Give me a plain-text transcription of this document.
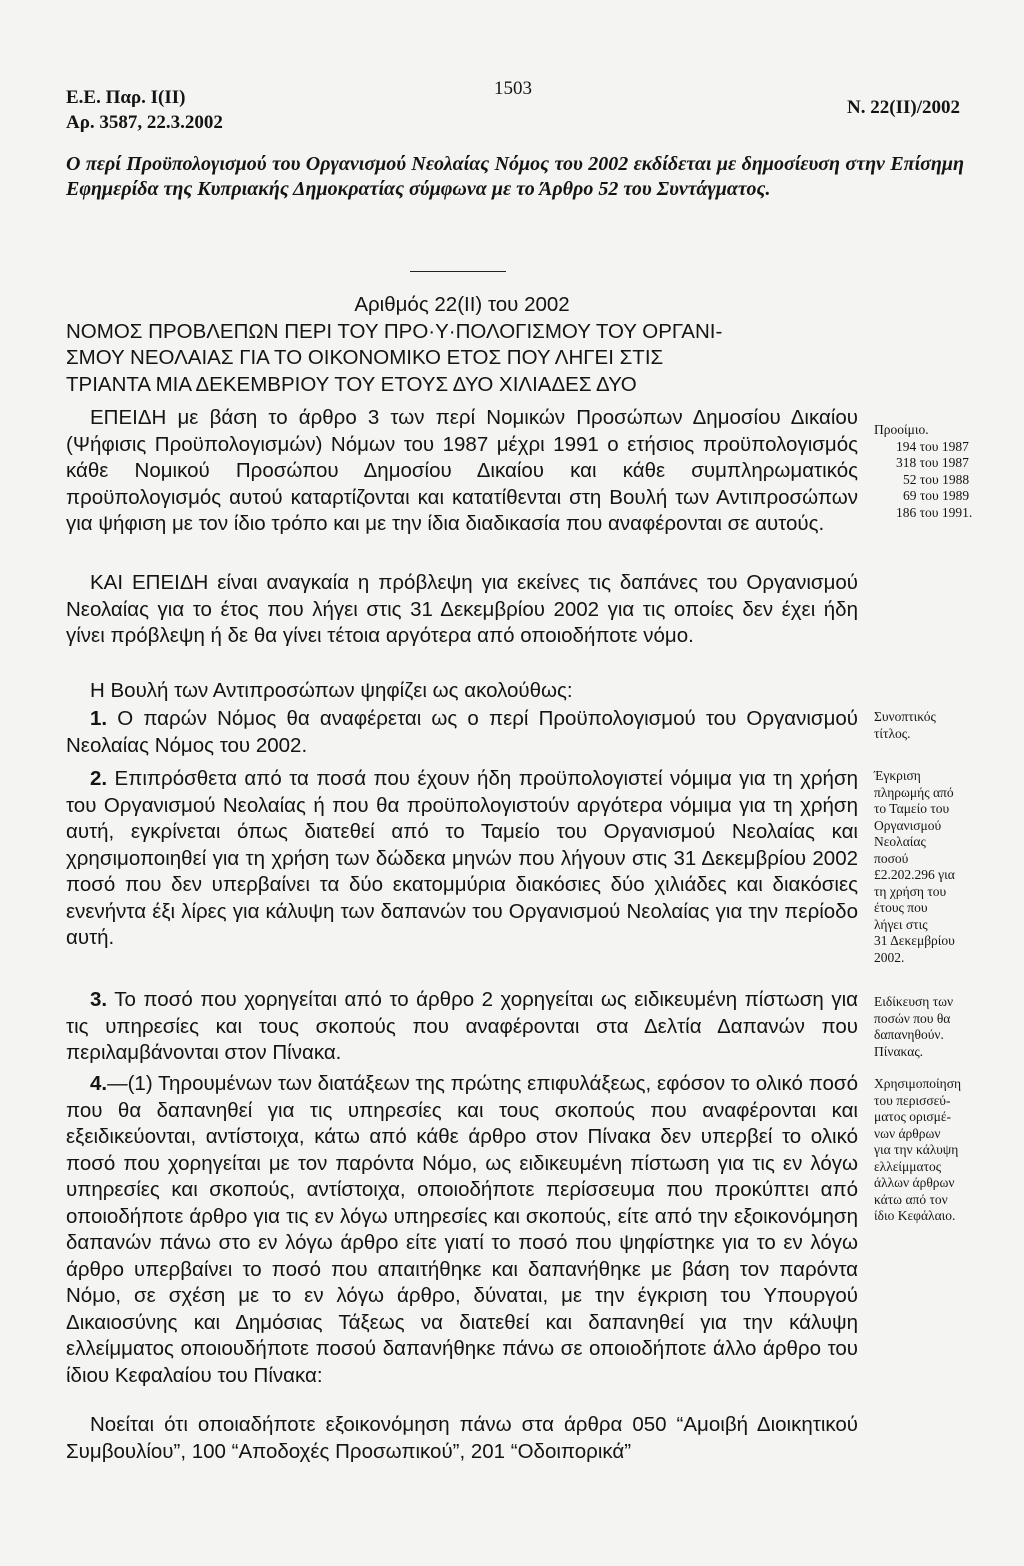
Ε.Ε. Παρ. Ι(ΙΙ)
Αρ. 3587, 22.3.2002
1503
Ν. 22(ΙΙ)/2002
Ο περί Προϋπολογισμού του Οργανισμού Νεολαίας Νόμος του 2002 εκδίδεται με δημοσίευση στην Επίσημη Εφημερίδα της Κυπριακής Δημοκρατίας σύμφωνα με το Άρθρο 52 του Συντάγματος.
Αριθμός 22(ΙΙ) του 2002
ΝΟΜΟΣ ΠΡΟΒΛΕΠΩΝ ΠΕΡΙ ΤΟΥ ΠΡΟ·Υ·ΠΟΛΟΓΙΣΜΟΥ ΤΟΥ ΟΡΓΑΝΙ-
ΣΜΟΥ ΝΕΟΛΑΙΑΣ ΓΙΑ ΤΟ ΟΙΚΟΝΟΜΙΚΟ ΕΤΟΣ ΠΟΥ ΛΗΓΕΙ ΣΤΙΣ
ΤΡΙΑΝΤΑ ΜΙΑ ΔΕΚΕΜΒΡΙΟΥ ΤΟΥ ΕΤΟΥΣ ΔΥΟ ΧΙΛΙΑΔΕΣ ΔΥΟ

ΕΠΕΙΔΗ με βάση το άρθρο 3 των περί Νομικών Προσώπων Δημοσίου Δικαίου (Ψήφισις Προϋπολογισμών) Νόμων του 1987 μέχρι 1991 ο ετήσιος προϋπολογισμός κάθε Νομικού Προσώπου Δημοσίου Δικαίου και κάθε συμπληρωματικός προϋπολογισμός αυτού καταρτίζονται και κατατίθενται στη Βουλή των Αντιπροσώπων για ψήφιση με τον ίδιο τρόπο και με την ίδια διαδικασία που αναφέρονται σε αυτούς.

ΚΑΙ ΕΠΕΙΔΗ είναι αναγκαία η πρόβλεψη για εκείνες τις δαπάνες του Οργανισμού Νεολαίας για το έτος που λήγει στις 31 Δεκεμβρίου 2002 για τις οποίες δεν έχει ήδη γίνει πρόβλεψη ή δε θα γίνει τέτοια αργότερα από οποιοδήποτε νόμο.

Η Βουλή των Αντιπροσώπων ψηφίζει ως ακολούθως:

1. Ο παρών Νόμος θα αναφέρεται ως ο περί Προϋπολογισμού του Οργανισμού Νεολαίας Νόμος του 2002.

2. Επιπρόσθετα από τα ποσά που έχουν ήδη προϋπολογιστεί νόμιμα για τη χρήση του Οργανισμού Νεολαίας ή που θα προϋπολογιστούν αργότερα νόμιμα για τη χρήση αυτή, εγκρίνεται όπως διατεθεί από το Ταμείο του Οργανισμού Νεολαίας και χρησιμοποιηθεί για τη χρήση των δώδεκα μηνών που λήγουν στις 31 Δεκεμβρίου 2002 ποσό που δεν υπερβαίνει τα δύο εκατομμύρια διακόσιες δύο χιλιάδες και διακόσιες ενενήντα έξι λίρες για κάλυψη των δαπανών του Οργανισμού Νεολαίας για την περίοδο αυτή.

3. Το ποσό που χορηγείται από το άρθρο 2 χορηγείται ως ειδικευμένη πίστωση για τις υπηρεσίες και τους σκοπούς που αναφέρονται στα Δελτία Δαπανών που περιλαμβάνονται στον Πίνακα.

4.—(1) Τηρουμένων των διατάξεων της πρώτης επιφυλάξεως, εφόσον το ολικό ποσό που θα δαπανηθεί για τις υπηρεσίες και τους σκοπούς που αναφέρονται και εξειδικεύονται, αντίστοιχα, κάτω από κάθε άρθρο στον Πίνακα δεν υπερβεί το ολικό ποσό που χορηγείται με τον παρόντα Νόμο, ως ειδικευμένη πίστωση για τις εν λόγω υπηρεσίες και σκοπούς, αντίστοιχα, οποιοδήποτε περίσσευμα που προκύπτει από οποιοδήποτε άρθρο για τις εν λόγω υπηρεσίες και σκοπούς, είτε από την εξοικονόμηση δαπανών πάνω στο εν λόγω άρθρο είτε γιατί το ποσό που ψηφίστηκε για το εν λόγω άρθρο υπερβαίνει το ποσό που απαιτήθηκε και δαπανήθηκε με βάση τον παρόντα Νόμο, σε σχέση με το εν λόγω άρθρο, δύναται, με την έγκριση του Υπουργού Δικαιοσύνης και Δημόσιας Τάξεως να διατεθεί και δαπανηθεί για την κάλυψη ελλείμματος οποιουδήποτε ποσού δαπανήθηκε πάνω σε οποιοδήποτε άλλο άρθρο του ίδιου Κεφαλαίου του Πίνακα:

Νοείται ότι οποιαδήποτε εξοικονόμηση πάνω στα άρθρα 050 “Αμοιβή Διοικητικού Συμβουλίου”, 100 “Αποδοχές Προσωπικού”, 201 “Οδοιπορικά”

Προοίμιο.
194 του 1987
318 του 1987
52 του 1988
69 του 1989
186 του 1991.
Συνοπτικός
τίτλος.
Έγκριση
πληρωμής από
το Ταμείο του
Οργανισμού
Νεολαίας
ποσού
£2.202.296 για
τη χρήση του
έτους που
λήγει στις
31 Δεκεμβρίου
2002.
Ειδίκευση των
ποσών που θα
δαπανηθούν.
Πίνακας.
Χρησιμοποίηση
του περισσεύ-
ματος ορισμέ-
νων άρθρων
για την κάλυψη
ελλείμματος
άλλων άρθρων
κάτω από τον
ίδιο Κεφάλαιο.
